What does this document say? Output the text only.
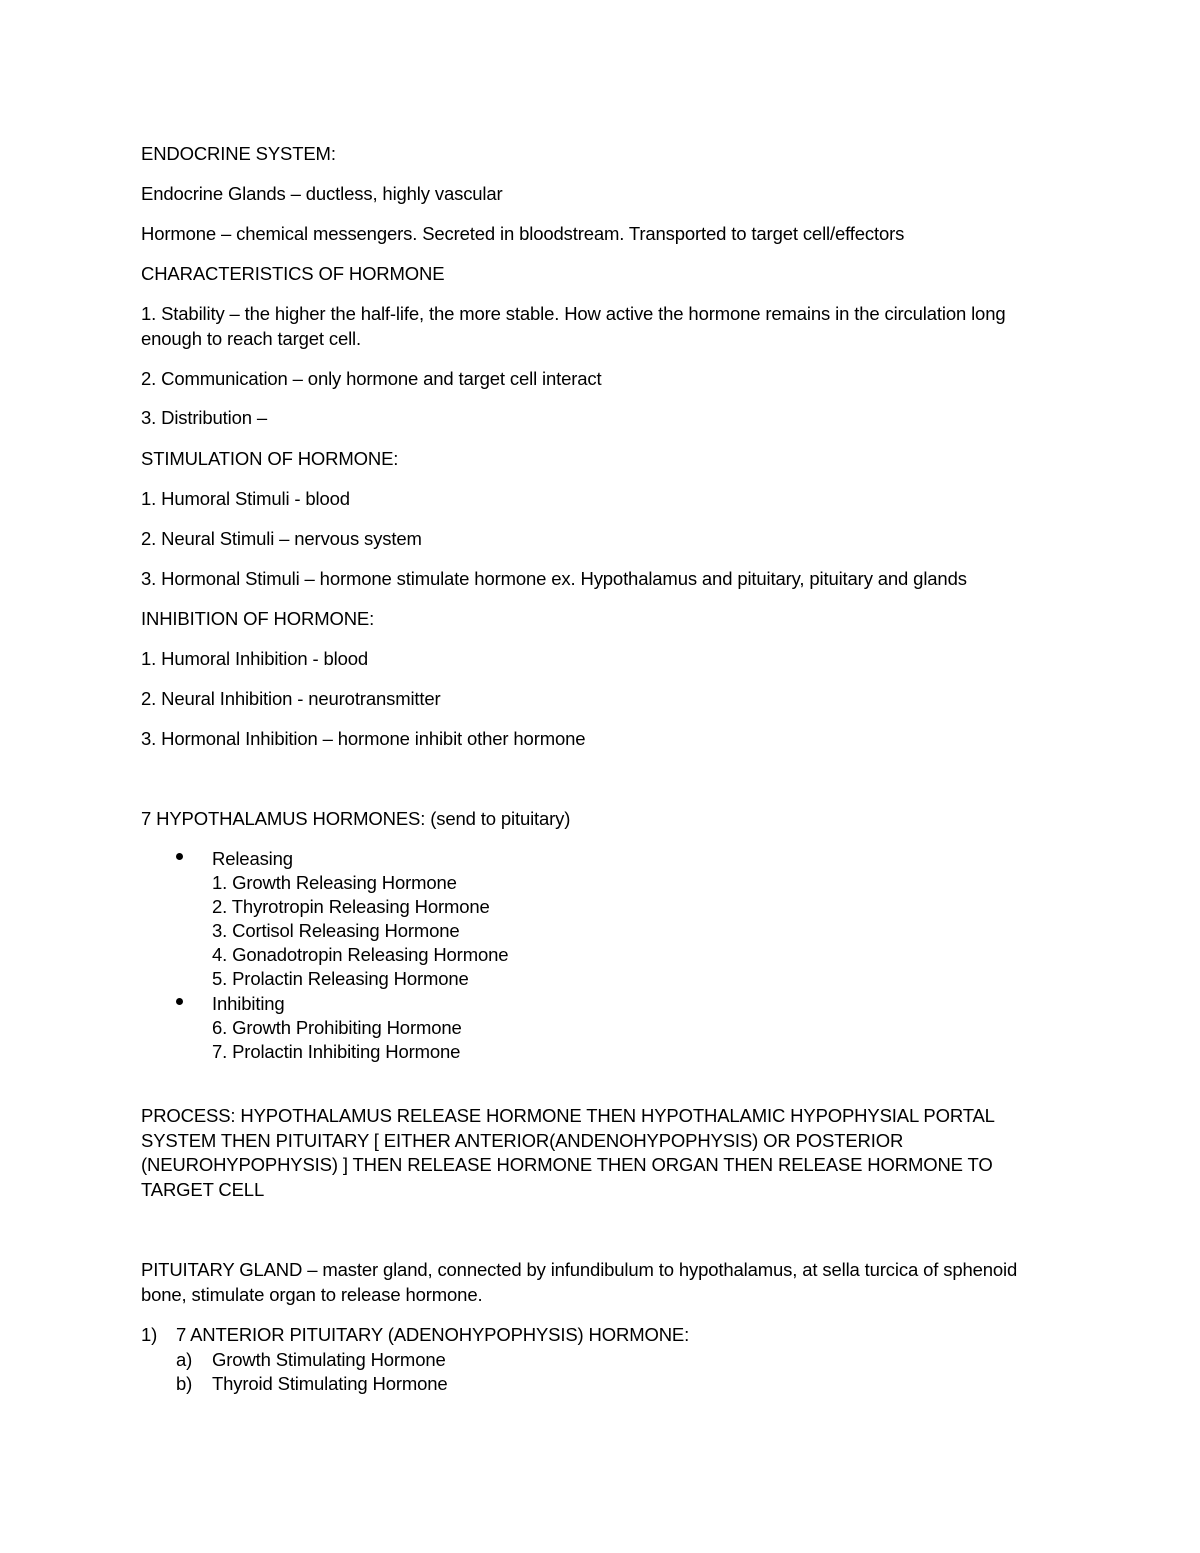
ENDOCRINE SYSTEM:
Endocrine Glands – ductless, highly vascular
Hormone – chemical messengers. Secreted in bloodstream. Transported to target cell/effectors
CHARACTERISTICS OF HORMONE
1. Stability – the higher the half-life, the more stable. How active the hormone remains in the circulation long enough to reach target cell.
2. Communication – only hormone and target cell interact
3. Distribution –
STIMULATION OF HORMONE:
1. Humoral Stimuli - blood
2. Neural Stimuli – nervous system
3. Hormonal Stimuli – hormone stimulate hormone ex. Hypothalamus and pituitary, pituitary and glands
INHIBITION OF HORMONE:
1. Humoral Inhibition - blood
2. Neural Inhibition - neurotransmitter
3. Hormonal Inhibition – hormone inhibit other hormone
7 HYPOTHALAMUS HORMONES: (send to pituitary)
Releasing
1. Growth Releasing Hormone
2. Thyrotropin Releasing Hormone
3. Cortisol Releasing Hormone
4. Gonadotropin Releasing Hormone
5. Prolactin Releasing Hormone
Inhibiting
6. Growth Prohibiting Hormone
7. Prolactin Inhibiting Hormone
PROCESS: HYPOTHALAMUS RELEASE HORMONE THEN HYPOTHALAMIC HYPOPHYSIAL PORTAL SYSTEM THEN PITUITARY [ EITHER ANTERIOR(ANDENOHYPOPHYSIS) OR POSTERIOR (NEUROHYPOPHYSIS) ] THEN RELEASE HORMONE THEN ORGAN THEN RELEASE HORMONE TO TARGET CELL
PITUITARY GLAND – master gland, connected by infundibulum to hypothalamus, at sella turcica of sphenoid bone, stimulate organ to release hormone.
1) 7 ANTERIOR PITUITARY (ADENOHYPOPHYSIS) HORMONE:
a) Growth Stimulating Hormone
b) Thyroid Stimulating Hormone
